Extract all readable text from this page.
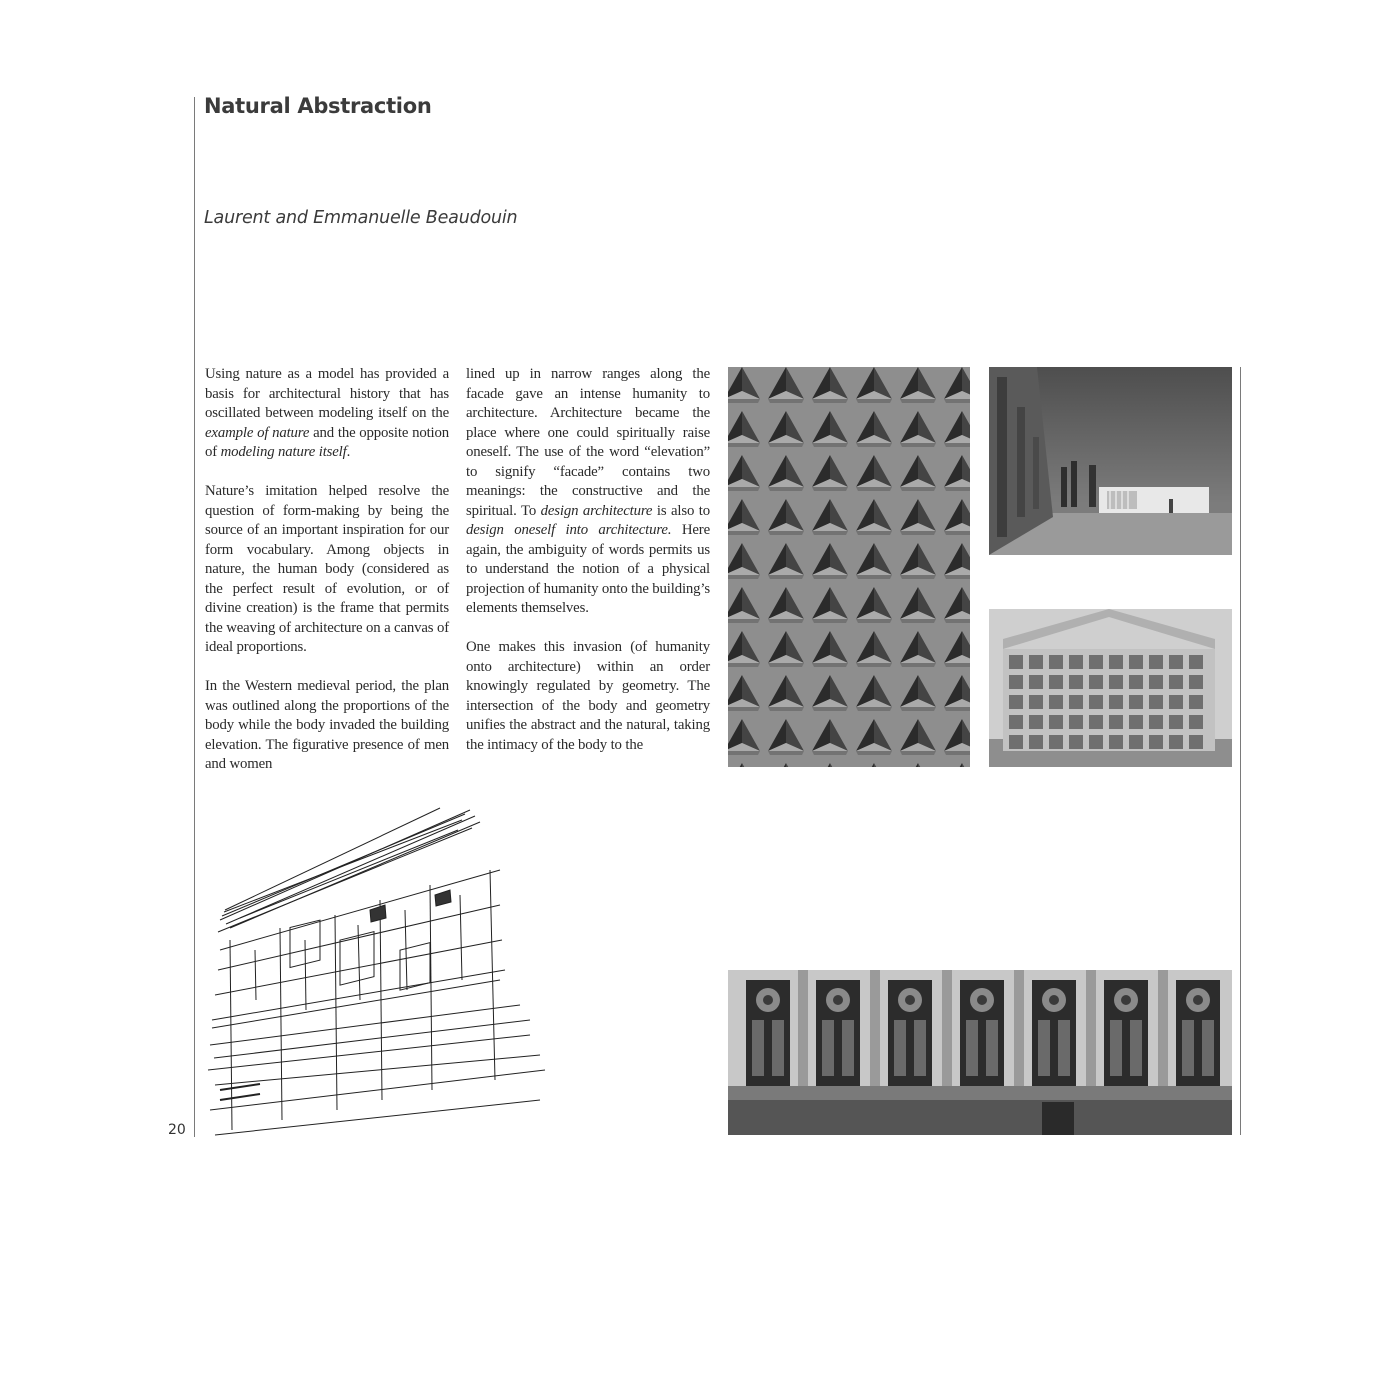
Natural Abstraction
Laurent and Emmanuelle Beaudouin

Using nature as a model has provided a basis for architectural history that has oscillated between modeling itself on the example of nature and the opposite notion of modeling nature itself.

Nature’s imitation helped resolve the question of form-making by being the source of an important inspiration for our form vocabulary. Among objects in nature, the human body (considered as the perfect result of evolution, or of divine creation) is the frame that permits the weaving of architecture on a canvas of ideal proportions.

In the Western medieval period, the plan was outlined along the proportions of the body while the body invaded the building elevation. The figurative presence of men and women

lined up in narrow ranges along the facade gave an intense humanity to architecture. Architecture became the place where one could spiritually raise oneself. The use of the word “elevation” to signify “facade” contains two meanings: the constructive and the spiritual. To design architecture is also to design oneself into architecture. Here again, the ambiguity of words permits us to understand the notion of a physical projection of humanity onto the building’s elements themselves.

One makes this invasion (of humanity onto architecture) within an order knowingly regulated by geometry. The intersection of the body and geometry unifies the abstract and the natural, taking the intimacy of the body to the

20
